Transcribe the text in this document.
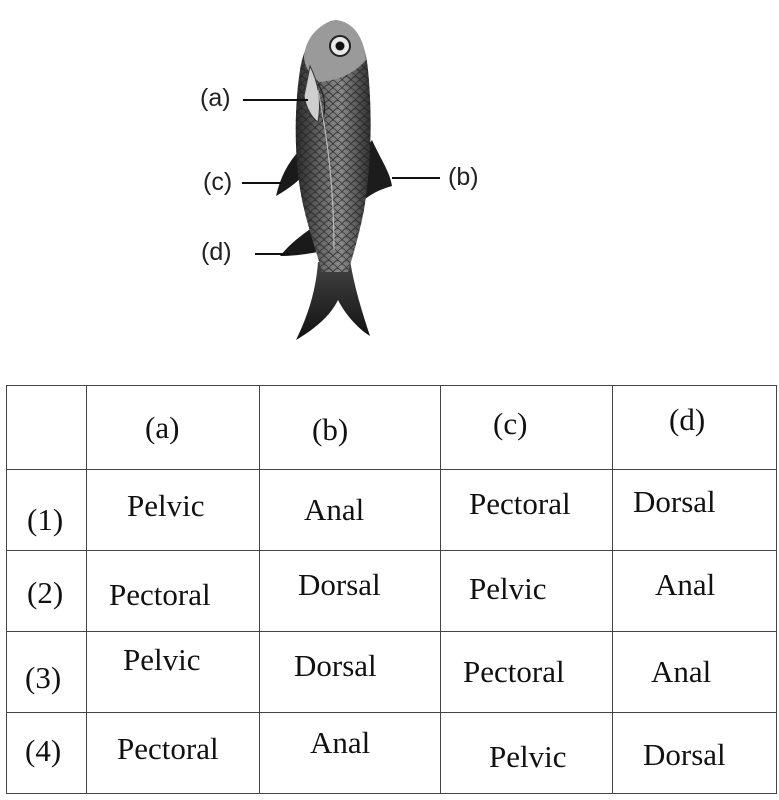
(a)
(b)
(c)
(d)
	(a)	(b)	(c)	(d)
(1)	Pelvic	Anal	Pectoral	Dorsal
(2)	Pectoral	Dorsal	Pelvic	Anal
(3)	Pelvic	Dorsal	Pectoral	Anal
(4)	Pectoral	Anal	Pelvic	Dorsal
